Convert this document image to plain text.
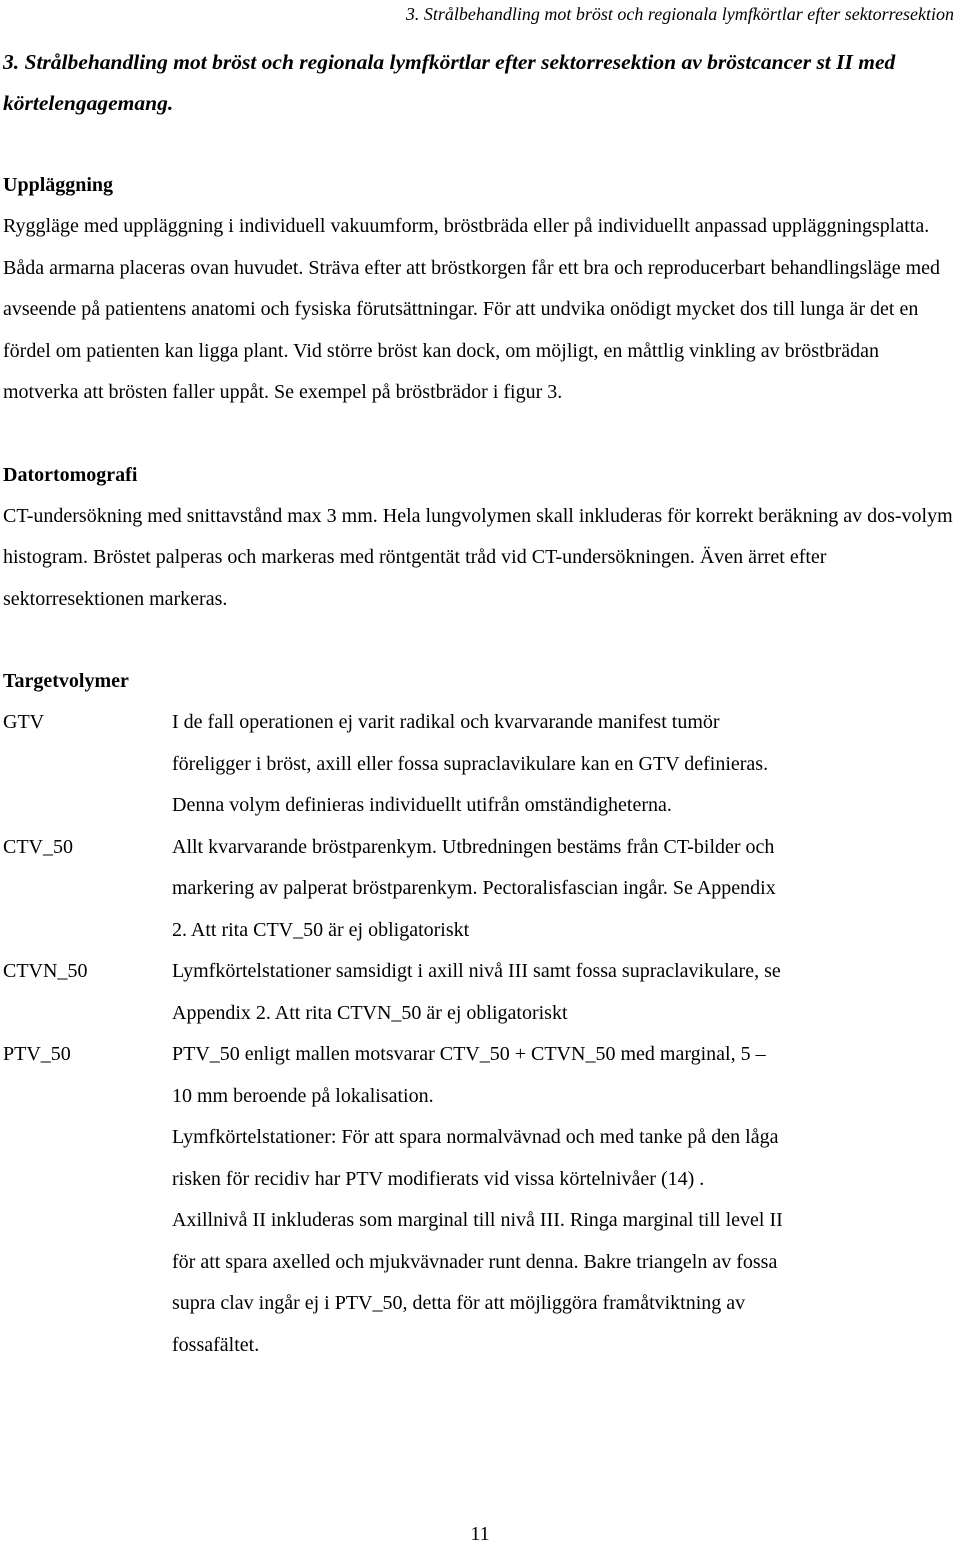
3. Strålbehandling mot bröst och regionala lymfkörtlar efter sektorresektion

3. Strålbehandling mot bröst och regionala lymfkörtlar efter sektorresektion av bröstcancer st II med körtelengagemang.

Uppläggning

Ryggläge med uppläggning i individuell vakuumform, bröstbräda eller på individuellt anpassad uppläggningsplatta. Båda armarna placeras ovan huvudet. Sträva efter att bröstkorgen får ett bra och reproducerbart behandlingsläge med avseende på patientens anatomi och fysiska förutsättningar. För att undvika onödigt mycket dos till lunga är det en fördel om patienten kan ligga plant. Vid större bröst kan dock, om möjligt, en måttlig vinkling av bröstbrädan motverka att brösten faller uppåt. Se exempel på bröstbrädor i figur 3.

Datortomografi

CT-undersökning med snittavstånd max 3 mm. Hela lungvolymen skall inkluderas för korrekt beräkning av dos-volym histogram. Bröstet palperas och markeras med röntgentät tråd vid CT-undersökningen. Även ärret efter sektorresektionen markeras.

Targetvolymer

GTV	I de fall operationen ej varit radikal och kvarvarande manifest tumör
föreligger i bröst, axill eller fossa supraclavikulare kan en GTV definieras.
Denna volym definieras individuellt utifrån omständigheterna.
CTV_50	Allt kvarvarande bröstparenkym. Utbredningen bestäms från CT-bilder och
markering av palperat bröstparenkym. Pectoralisfascian ingår. Se Appendix
2. Att rita CTV_50 är ej obligatoriskt
CTVN_50	Lymfkörtelstationer samsidigt i axill nivå III samt fossa supraclavikulare, se
Appendix 2. Att rita CTVN_50 är ej obligatoriskt
PTV_50	PTV_50 enligt mallen motsvarar CTV_50 + CTVN_50 med marginal, 5 –
10 mm beroende på lokalisation.
Lymfkörtelstationer: För att spara normalvävnad och med tanke på den låga
risken för recidiv har PTV modifierats vid vissa körtelnivåer (14) .
Axillnivå II inkluderas som marginal till nivå III. Ringa marginal till level II
för att spara axelled och mjukvävnader runt denna. Bakre triangeln av fossa
supra clav ingår ej i PTV_50, detta för att möjliggöra framåtviktning av
fossafältet.
11
